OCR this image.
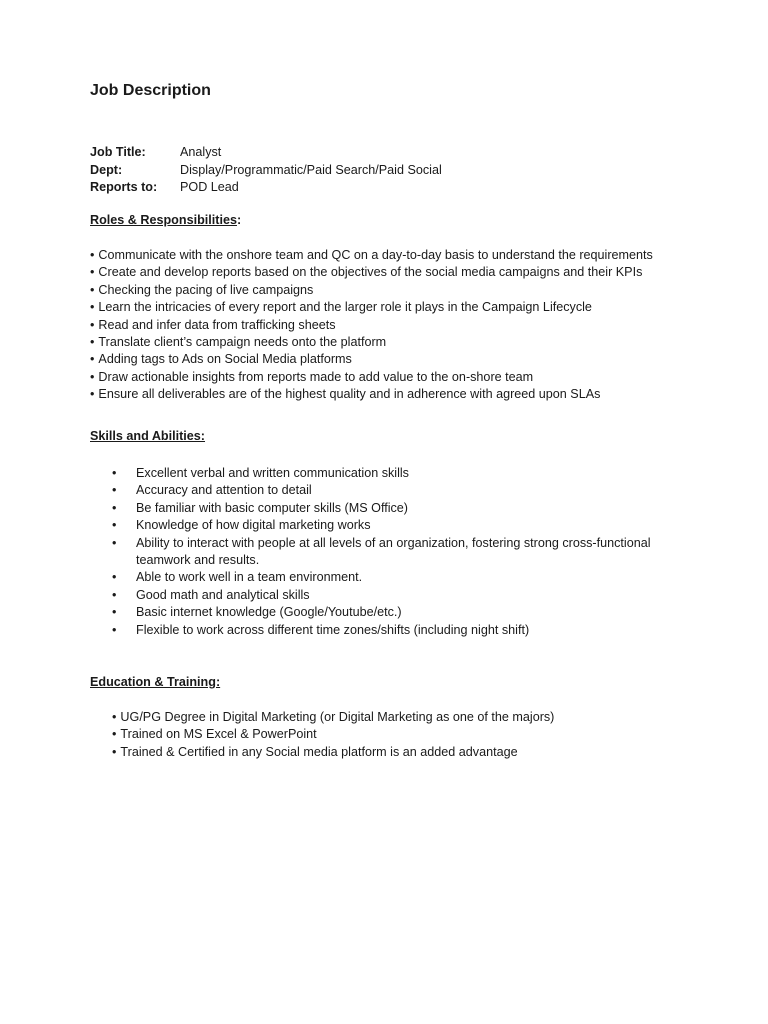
Job Description
Job Title:	Analyst
Dept:	Display/Programmatic/Paid Search/Paid Social
Reports to: POD Lead
Roles & Responsibilities:
• Communicate with the onshore team and QC on a day-to-day basis to understand the requirements
• Create and develop reports based on the objectives of the social media campaigns and their KPIs
• Checking the pacing of live campaigns
• Learn the intricacies of every report and the larger role it plays in the Campaign Lifecycle
• Read and infer data from trafficking sheets
• Translate client’s campaign needs onto the platform
• Adding tags to Ads on Social Media platforms
• Draw actionable insights from reports made to add value to the on-shore team
• Ensure all deliverables are of the highest quality and in adherence with agreed upon SLAs
Skills and Abilities:
• Excellent verbal and written communication skills
• Accuracy and attention to detail
• Be familiar with basic computer skills (MS Office)
• Knowledge of how digital marketing works
• Ability to interact with people at all levels of an organization, fostering strong cross-functional teamwork and results.
• Able to work well in a team environment.
• Good math and analytical skills
• Basic internet knowledge (Google/Youtube/etc.)
• Flexible to work across different time zones/shifts (including night shift)
Education & Training:
• UG/PG Degree in Digital Marketing (or Digital Marketing as one of the majors)
• Trained on MS Excel & PowerPoint
• Trained & Certified in any Social media platform is an added advantage
